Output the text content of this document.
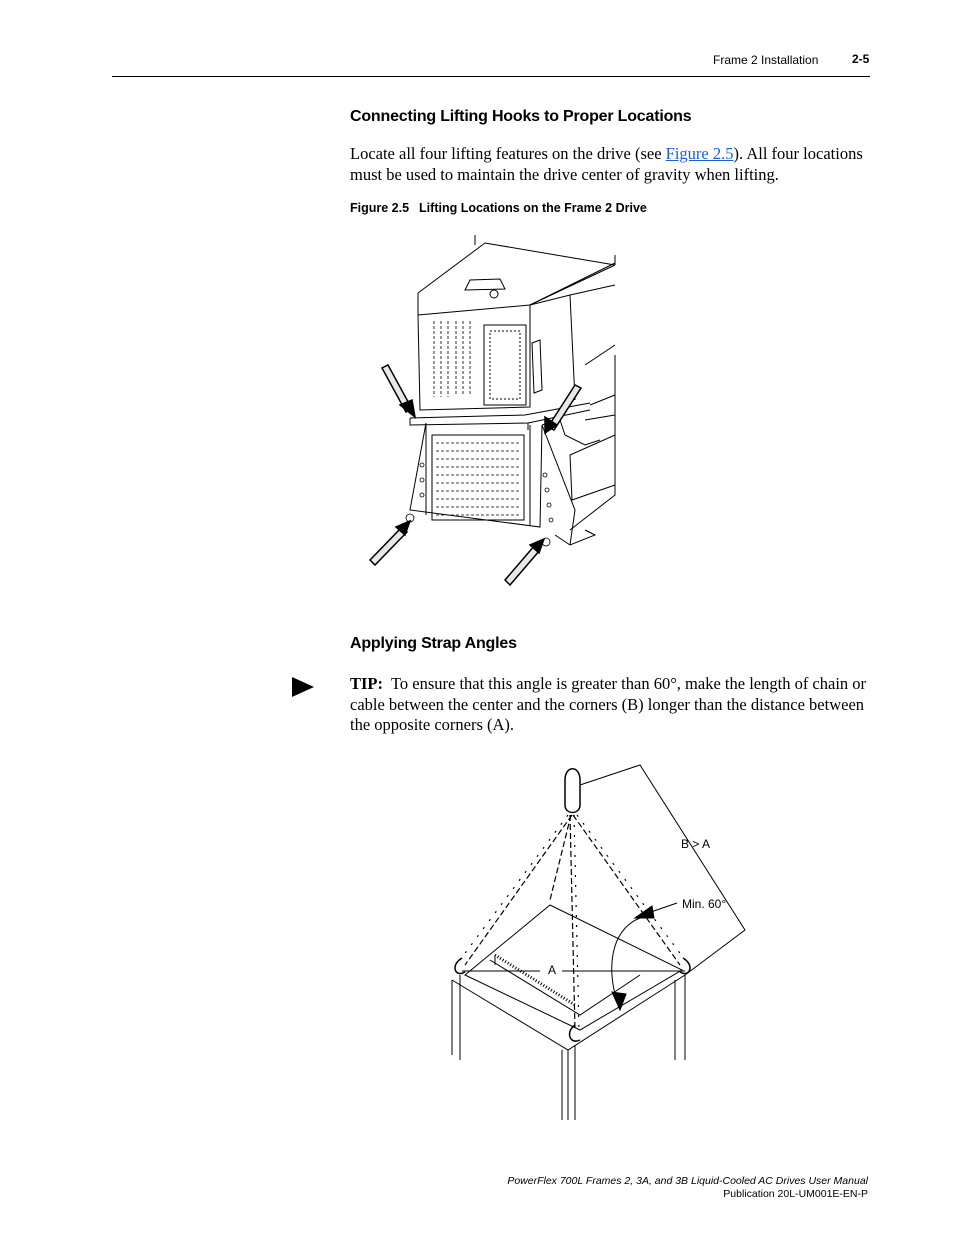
Frame 2 Installation	2-5
Connecting Lifting Hooks to Proper Locations
Locate all four lifting features on the drive (see Figure 2.5). All four locations must be used to maintain the drive center of gravity when lifting.
Figure 2.5 Lifting Locations on the Frame 2 Drive
Applying Strap Angles
TIP: To ensure that this angle is greater than 60°, make the length of chain or cable between the center and the corners (B) longer than the distance between the opposite corners (A).
B > A
Min. 60°
A
PowerFlex 700L Frames 2, 3A, and 3B Liquid-Cooled AC Drives User Manual
Publication 20L-UM001E-EN-P
